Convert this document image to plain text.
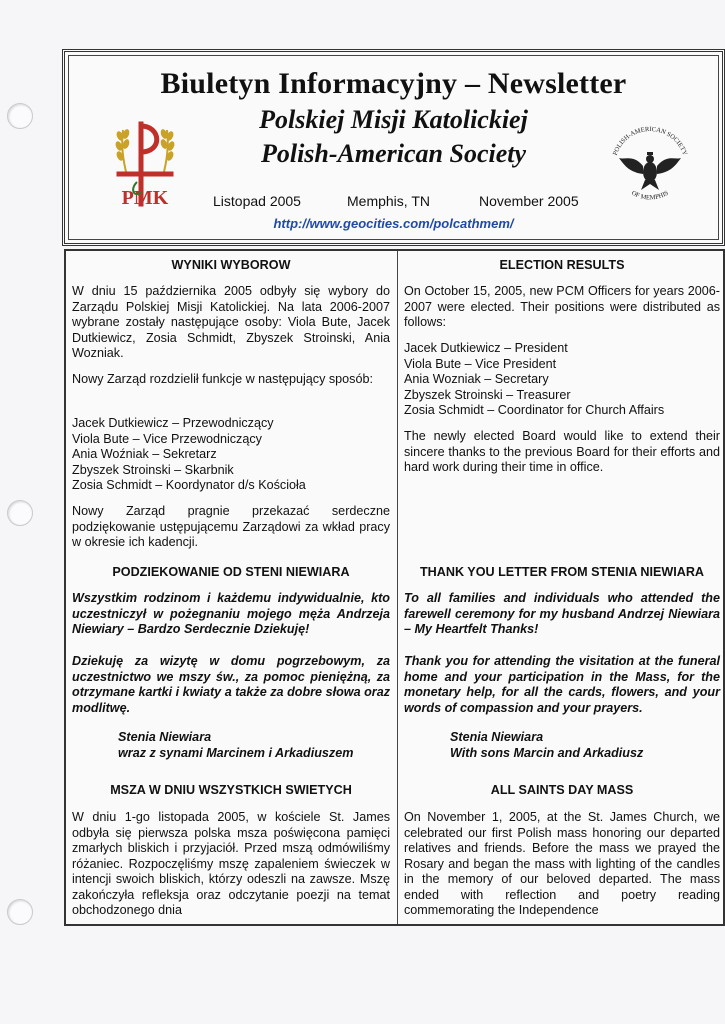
Biuletyn Informacyjny – Newsletter
Polskiej Misji Katolickiej
Polish-American Society
PMK
POLISH-AMERICAN SOCIETY
OF MEMPHIS
Listopad 2005	Memphis, TN	November 2005
http://www.geocities.com/polcathmem/
WYNIKI WYBOROW

W dniu 15 października 2005 odbyły się wybory do Zarządu Polskiej Misji Katolickiej. Na lata 2006-2007 wybrane zostały następujące osoby: Viola Bute, Jacek Dutkiewicz, Zosia Schmidt, Zbyszek Stroinski, Ania Wozniak.

Nowy Zarząd rozdzielił funkcje w następujący sposób:

Jacek Dutkiewicz – Przewodniczący
Viola Bute – Vice Przewodniczący
Ania Woźniak – Sekretarz
Zbyszek Stroinski – Skarbnik
Zosia Schmidt – Koordynator d/s Kościoła

Nowy Zarząd pragnie przekazać serdeczne podziękowanie ustępującemu Zarządowi za wkład pracy w okresie ich kadencji.

PODZIEKOWANIE OD STENI NIEWIARA

Wszystkim rodzinom i każdemu indywidualnie, kto uczestniczył w pożegnaniu mojego męża Andrzeja Niewiary – Bardzo Serdecznie Dziekuję!

Dziekuję za wizytę w domu pogrzebowym, za uczestnictwo we mszy św., za pomoc pieniężną, za otrzymane kartki i kwiaty a także za dobre słowa oraz modlitwę.

Stenia Niewiara
wraz z synami Marcinem i Arkadiuszem
MSZA W DNIU WSZYSTKICH SWIETYCH

W dniu 1-go listopada 2005, w kościele St. James odbyła się pierwsza polska msza poświęcona pamięci zmarłych bliskich i przyjaciół. Przed mszą odmówiliśmy różaniec. Rozpoczęliśmy mszę zapaleniem świeczek w intencji swoich bliskich, którzy odeszli na zawsze. Mszę zakończyła refleksja oraz odczytanie poezji na temat obchodzonego dnia

ELECTION RESULTS

On October 15, 2005, new PCM Officers for years 2006-2007 were elected. Their positions were distributed as follows:

Jacek Dutkiewicz – President
Viola Bute – Vice President
Ania Wozniak – Secretary
Zbyszek Stroinski – Treasurer
Zosia Schmidt – Coordinator for Church Affairs

The newly elected Board would like to extend their sincere thanks to the previous Board for their efforts and hard work during their time in office.

THANK YOU LETTER FROM STENIA NIEWIARA

To all families and individuals who attended the farewell ceremony for my husband Andrzej Niewiara – My Heartfelt Thanks!

Thank you for attending the visitation at the funeral home and your participation in the Mass, for the monetary help, for all the cards, flowers, and your words of compassion and your prayers.

Stenia Niewiara
With sons Marcin and Arkadiusz
ALL SAINTS DAY MASS

On November 1, 2005, at the St. James Church, we celebrated our first Polish mass honoring our departed relatives and friends. Before the mass we prayed the Rosary and began the mass with lighting of the candles in the memory of our beloved departed. The mass ended with reflection and poetry reading commemorating the Independence
